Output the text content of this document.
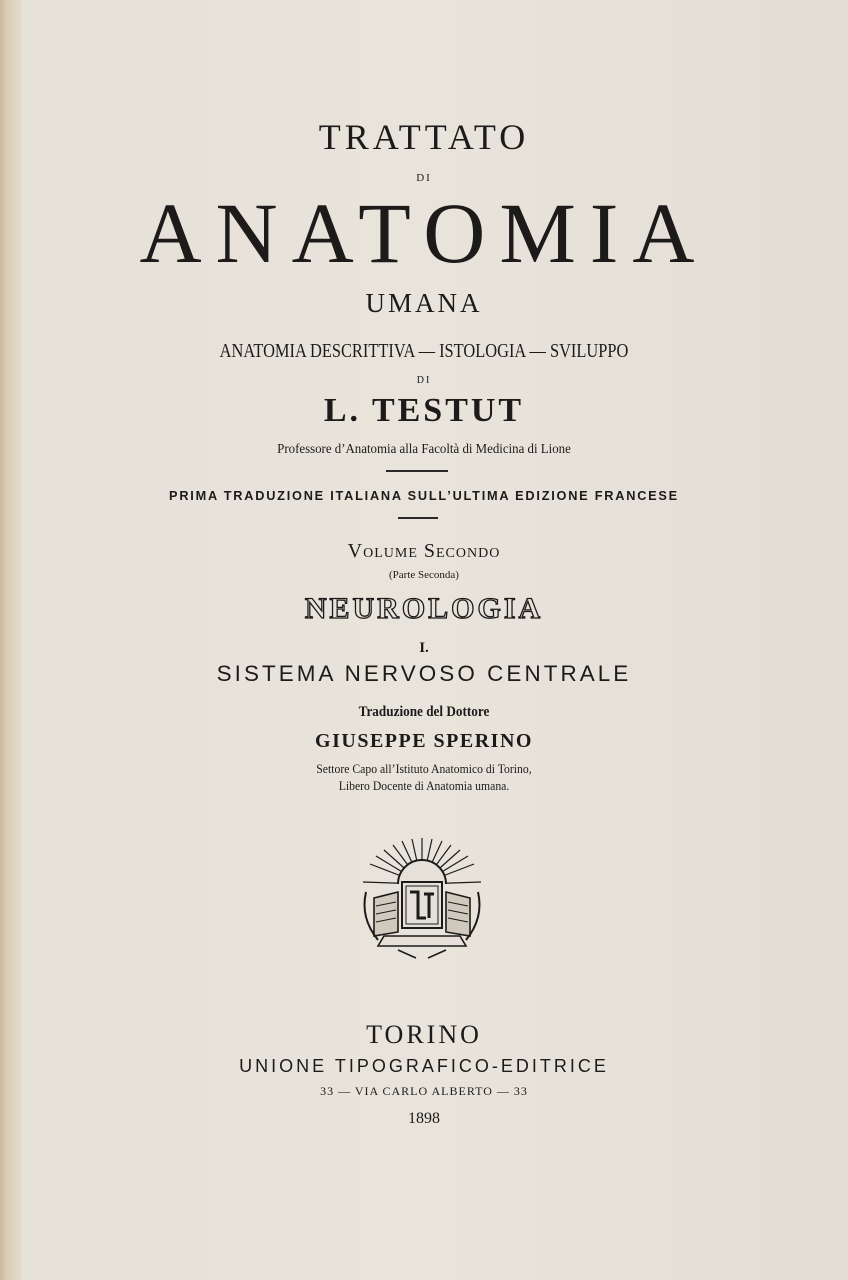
TRATTATO
DI
ANATOMIA
UMANA
ANATOMIA DESCRITTIVA — ISTOLOGIA — SVILUPPO
DI
L. TESTUT
Professore d’Anatomia alla Facoltà di Medicina di Lione
PRIMA TRADUZIONE ITALIANA SULL’ULTIMA EDIZIONE FRANCESE
Volume Secondo
(Parte Seconda)
NEUROLOGIA
I.
SISTEMA NERVOSO CENTRALE
Traduzione del Dottore
GIUSEPPE SPERINO
Settore Capo all’Istituto Anatomico di Torino,
Libero Docente di Anatomia umana.
TORINO
UNIONE TIPOGRAFICO-EDITRICE
33 — VIA CARLO ALBERTO — 33
1898
